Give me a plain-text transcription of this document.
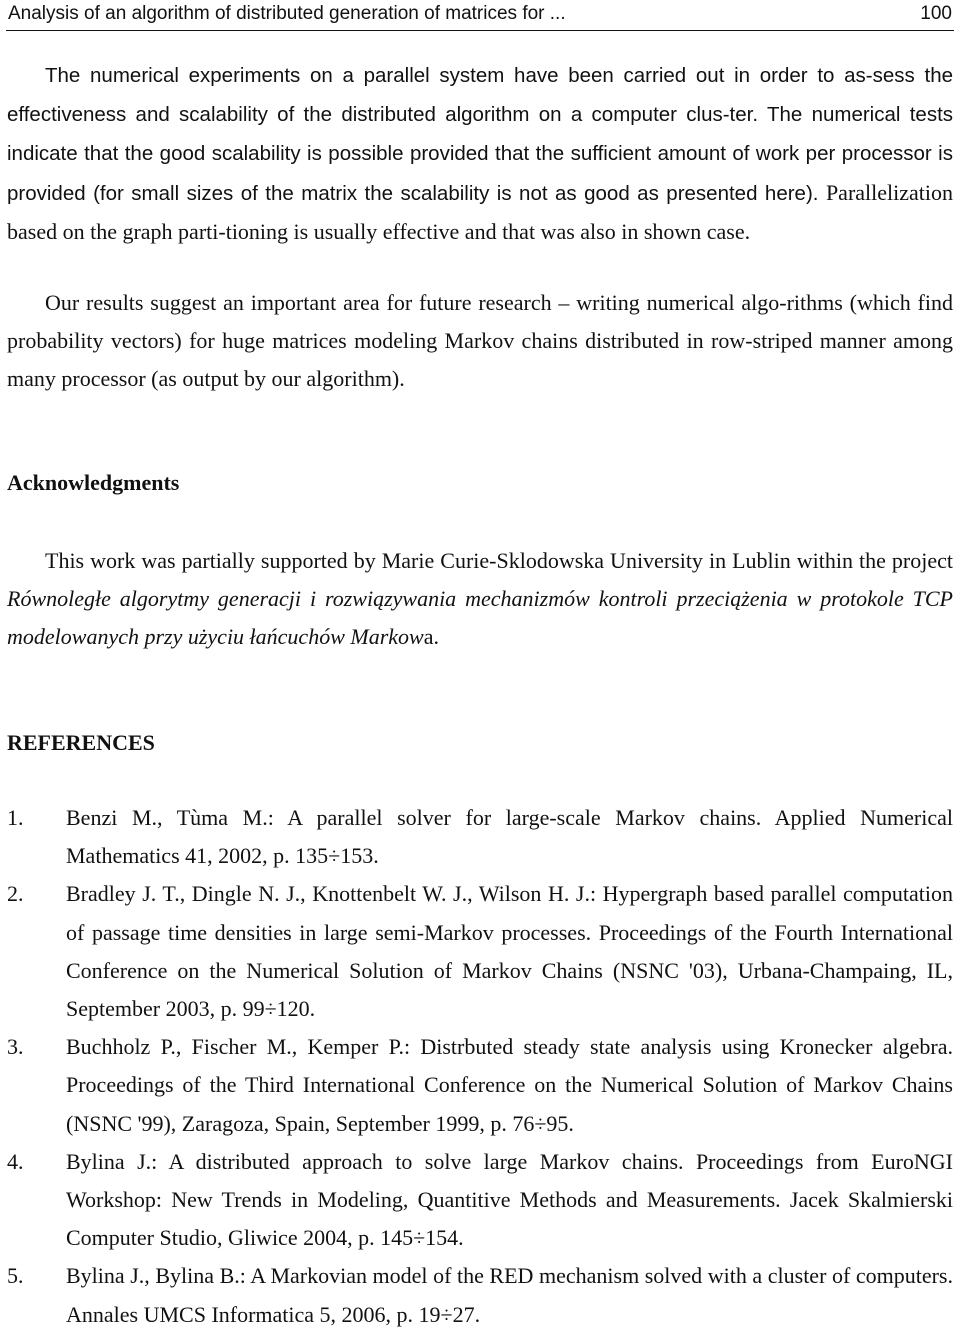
Analysis of an algorithm of distributed generation of matrices for ...	100

The numerical experiments on a parallel system have been carried out in order to as-sess the effectiveness and scalability of the distributed algorithm on a computer clus-ter. The numerical tests indicate that the good scalability is possible provided that the sufficient amount of work per processor is provided (for small sizes of the matrix the scalability is not as good as presented here). Parallelization based on the graph parti-tioning is usually effective and that was also in shown case.

Our results suggest an important area for future research – writing numerical algo-rithms (which find probability vectors) for huge matrices modeling Markov chains distributed in row-striped manner among many processor (as output by our algorithm).

Acknowledgments

This work was partially supported by Marie Curie-Sklodowska University in Lublin within the project Równoległe algorytmy generacji i rozwiązywania mechanizmów kontroli przeciążenia w protokole TCP modelowanych przy użyciu łańcuchów Markowa.

REFERENCES
1. Benzi M., Tùma M.: A parallel solver for large-scale Markov chains. Applied Numerical Mathematics 41, 2002, p. 135÷153.
2. Bradley J. T., Dingle N. J., Knottenbelt W. J., Wilson H. J.: Hypergraph based parallel computation of passage time densities in large semi-Markov processes. Proceedings of the Fourth International Conference on the Numerical Solution of Markov Chains (NSNC '03), Urbana-Champaing, IL, September 2003, p. 99÷120.
3. Buchholz P., Fischer M., Kemper P.: Distrbuted steady state analysis using Kronecker algebra. Proceedings of the Third International Conference on the Numerical Solution of Markov Chains (NSNC '99), Zaragoza, Spain, September 1999, p. 76÷95.
4. Bylina J.: A distributed approach to solve large Markov chains. Proceedings from EuroNGI Workshop: New Trends in Modeling, Quantitive Methods and Measurements. Jacek Skalmierski Computer Studio, Gliwice 2004, p. 145÷154.
5. Bylina J., Bylina B.: A Markovian model of the RED mechanism solved with a cluster of computers. Annales UMCS Informatica 5, 2006, p. 19÷27.
